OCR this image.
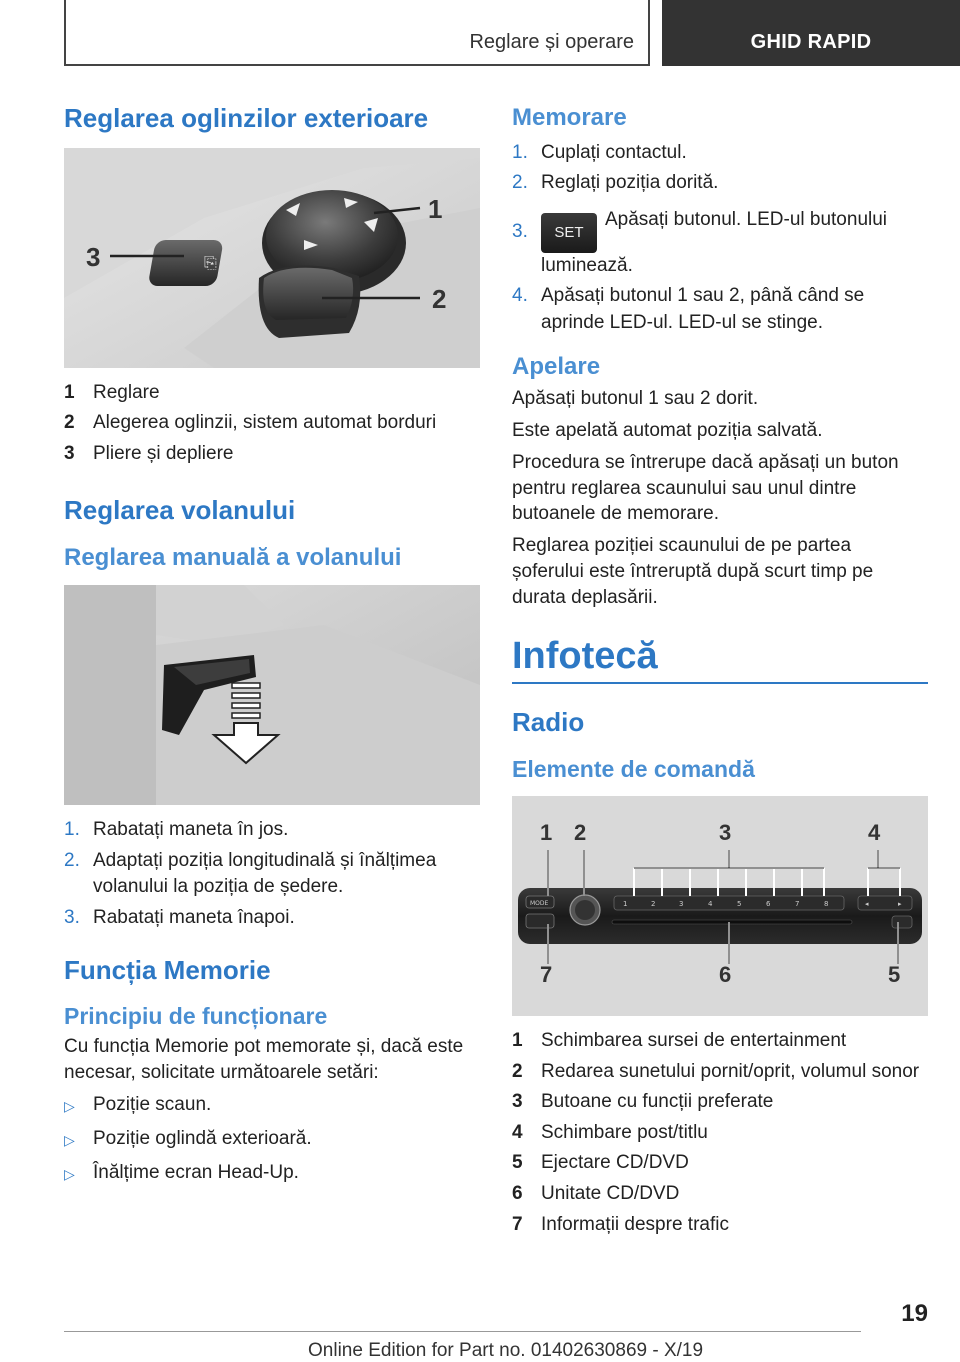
Reglare și operare	GHID RAPID
Reglarea oglinzilor exterioare
⎘
1
2
3
1 Reglare
2 Alegerea oglinzii, sistem automat borduri
3 Pliere și depliere
Reglarea volanului
Reglarea manuală a volanului
1. Rabatați maneta în jos.
2. Adaptați poziția longitudinală și înălțimea volanului la poziția de ședere.
3. Rabatați maneta înapoi.
Funcția Memorie
Principiu de funcționare

Cu funcția Memorie pot memorate și, dacă este necesar, solicitate următoarele setări:

▷ Poziție scaun.
▷ Poziție oglindă exterioară.
▷ Înălțime ecran Head-Up.
Memorare
1. Cuplați contactul.
2. Reglați poziția dorită.
3.	SETApăsați butonul. LED-ul butonului luminează.
4. Apăsați butonul 1 sau 2, până când se aprinde LED-ul. LED-ul se stinge.
Apelare

Apăsați butonul 1 sau 2 dorit.

Este apelată automat poziția salvată.

Procedura se întrerupe dacă apăsați un buton pentru reglarea scaunului sau unul dintre butoanele de memorare.

Reglarea poziției scaunului de pe partea șoferului este întreruptă după scurt timp pe durata deplasării.

Infotecă
Radio
Elemente de comandă
MODE	1	2	3	4	5	6	7	8	◂	▸
1 2	3	4
5
6
7
1 Schimbarea sursei de entertainment
2 Redarea sunetului pornit/oprit, volumul sonor
3 Butoane cu funcții preferate
4 Schimbare post/titlu
5 Ejectare CD/DVD
6 Unitate CD/DVD
7 Informații despre trafic
19
Online Edition for Part no. 01402630869 - X/19
